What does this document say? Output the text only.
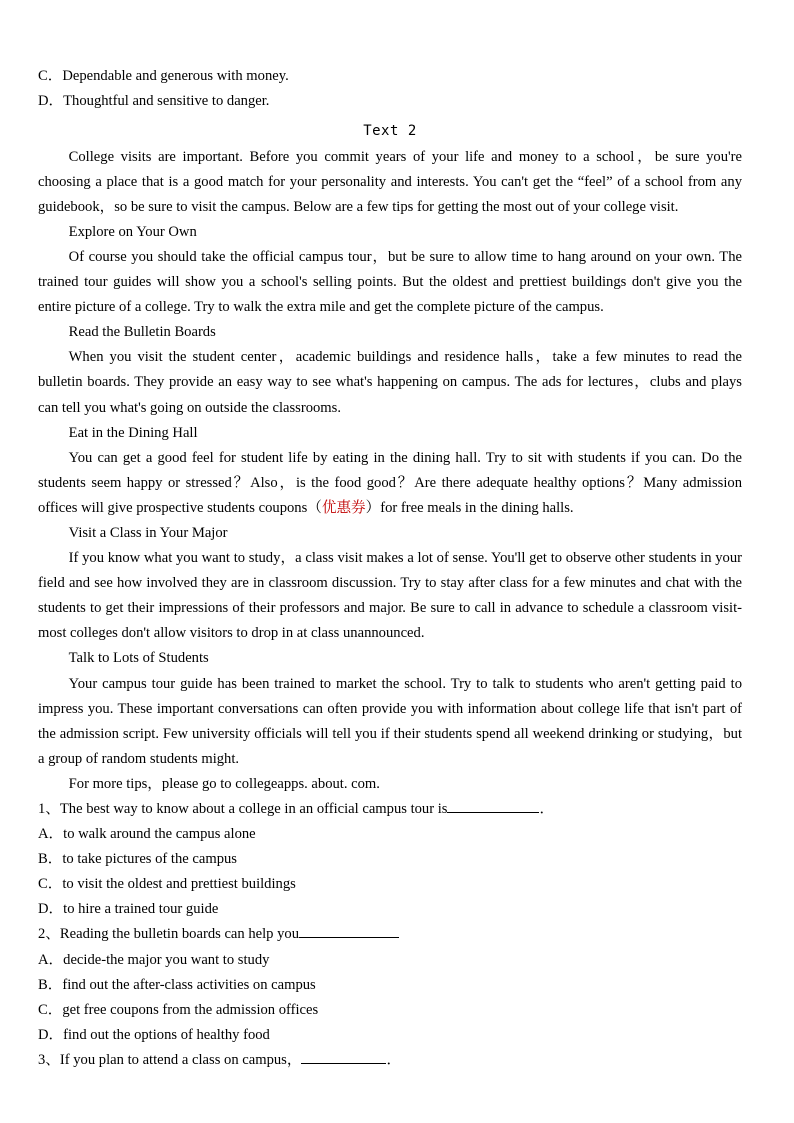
C．Dependable and generous with money.

D．Thoughtful and sensitive to danger.

Text 2

College visits are important. Before you commit years of your life and money to a school，be sure you're choosing a place that is a good match for your personality and interests. You can't get the “feel” of a school from any guidebook，so be sure to visit the campus. Below are a few tips for getting the most out of your college visit.

Explore on Your Own

Of course you should take the official campus tour，but be sure to allow time to hang around on your own. The trained tour guides will show you a school's selling points. But the oldest and prettiest buildings don't give you the entire picture of a college. Try to walk the extra mile and get the complete picture of the campus.

Read the Bulletin Boards

When you visit the student center，academic buildings and residence halls，take a few minutes to read the bulletin boards. They provide an easy way to see what's happening on campus. The ads for lectures，clubs and plays can tell you what's going on outside the classrooms.

Eat in the Dining Hall

You can get a good feel for student life by eating in the dining hall. Try to sit with students if you can. Do the students seem happy or stressed？Also，is the food good？Are there adequate healthy options？Many admission offices will give prospective students coupons（优惠券）for free meals in the dining halls.

Visit a Class in Your Major

If you know what you want to study，a class visit makes a lot of sense. You'll get to observe other students in your field and see how involved they are in classroom discussion. Try to stay after class for a few minutes and chat with the students to get their impressions of their professors and major. Be sure to call in advance to schedule a classroom visit-most colleges don't allow visitors to drop in at class unannounced.

Talk to Lots of Students

Your campus tour guide has been trained to market the school. Try to talk to students who aren't getting paid to impress you. These important conversations can often provide you with information about college life that isn't part of the admission script. Few university officials will tell you if their students spend all weekend drinking or studying，but a group of random students might.

For more tips，please go to collegeapps. about. com.

1、The best way to know about a college in an official campus tour is	．

A．to walk around the campus alone

B．to take pictures of the campus

C．to visit the oldest and prettiest buildings

D．to hire a trained tour guide

2、Reading the bulletin boards can help you

A．decide-the major you want to study

B．find out the after-class activities on campus

C．get free coupons from the admission offices

D．find out the options of healthy food

3、If you plan to attend a class on campus，	．
